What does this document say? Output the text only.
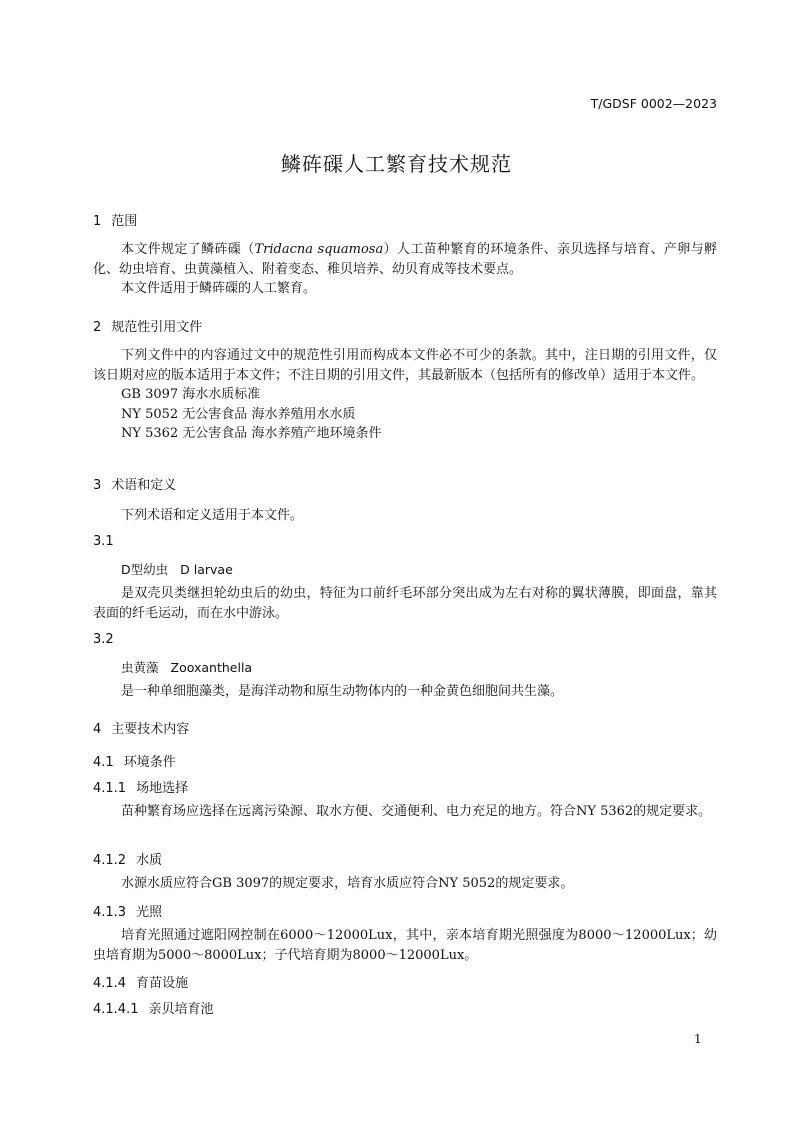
T/GDSF 0002—2023
鳞砗磲人工繁育技术规范
1 范围

本文件规定了鳞砗磲（Tridacna squamosa）人工苗种繁育的环境条件、亲贝选择与培育、产卵与孵化、幼虫培育、虫黄藻植入、附着变态、稚贝培养、幼贝育成等技术要点。

本文件适用于鳞砗磲的人工繁育。

2 规范性引用文件

下列文件中的内容通过文中的规范性引用而构成本文件必不可少的条款。其中，注日期的引用文件，仅该日期对应的版本适用于本文件；不注日期的引用文件，其最新版本（包括所有的修改单）适用于本文件。

GB 3097 海水水质标准

NY 5052 无公害食品 海水养殖用水水质

NY 5362 无公害食品 海水养殖产地环境条件

3 术语和定义

下列术语和定义适用于本文件。

3.1
D型幼虫 D larvae

是双壳贝类继担轮幼虫后的幼虫，特征为口前纤毛环部分突出成为左右对称的翼状薄膜，即面盘，靠其表面的纤毛运动，而在水中游泳。

3.2
虫黄藻 Zooxanthella

是一种单细胞藻类，是海洋动物和原生动物体内的一种金黄色细胞间共生藻。

4 主要技术内容
4.1 环境条件
4.1.1 场地选择

苗种繁育场应选择在远离污染源、取水方便、交通便利、电力充足的地方。符合NY 5362的规定要求。

4.1.2 水质

水源水质应符合GB 3097的规定要求，培育水质应符合NY 5052的规定要求。

4.1.3 光照

培育光照通过遮阳网控制在6000～12000Lux，其中，亲本培育期光照强度为8000～12000Lux；幼虫培育期为5000～8000Lux；子代培育期为8000～12000Lux。

4.1.4 育苗设施
4.1.4.1 亲贝培育池
1
